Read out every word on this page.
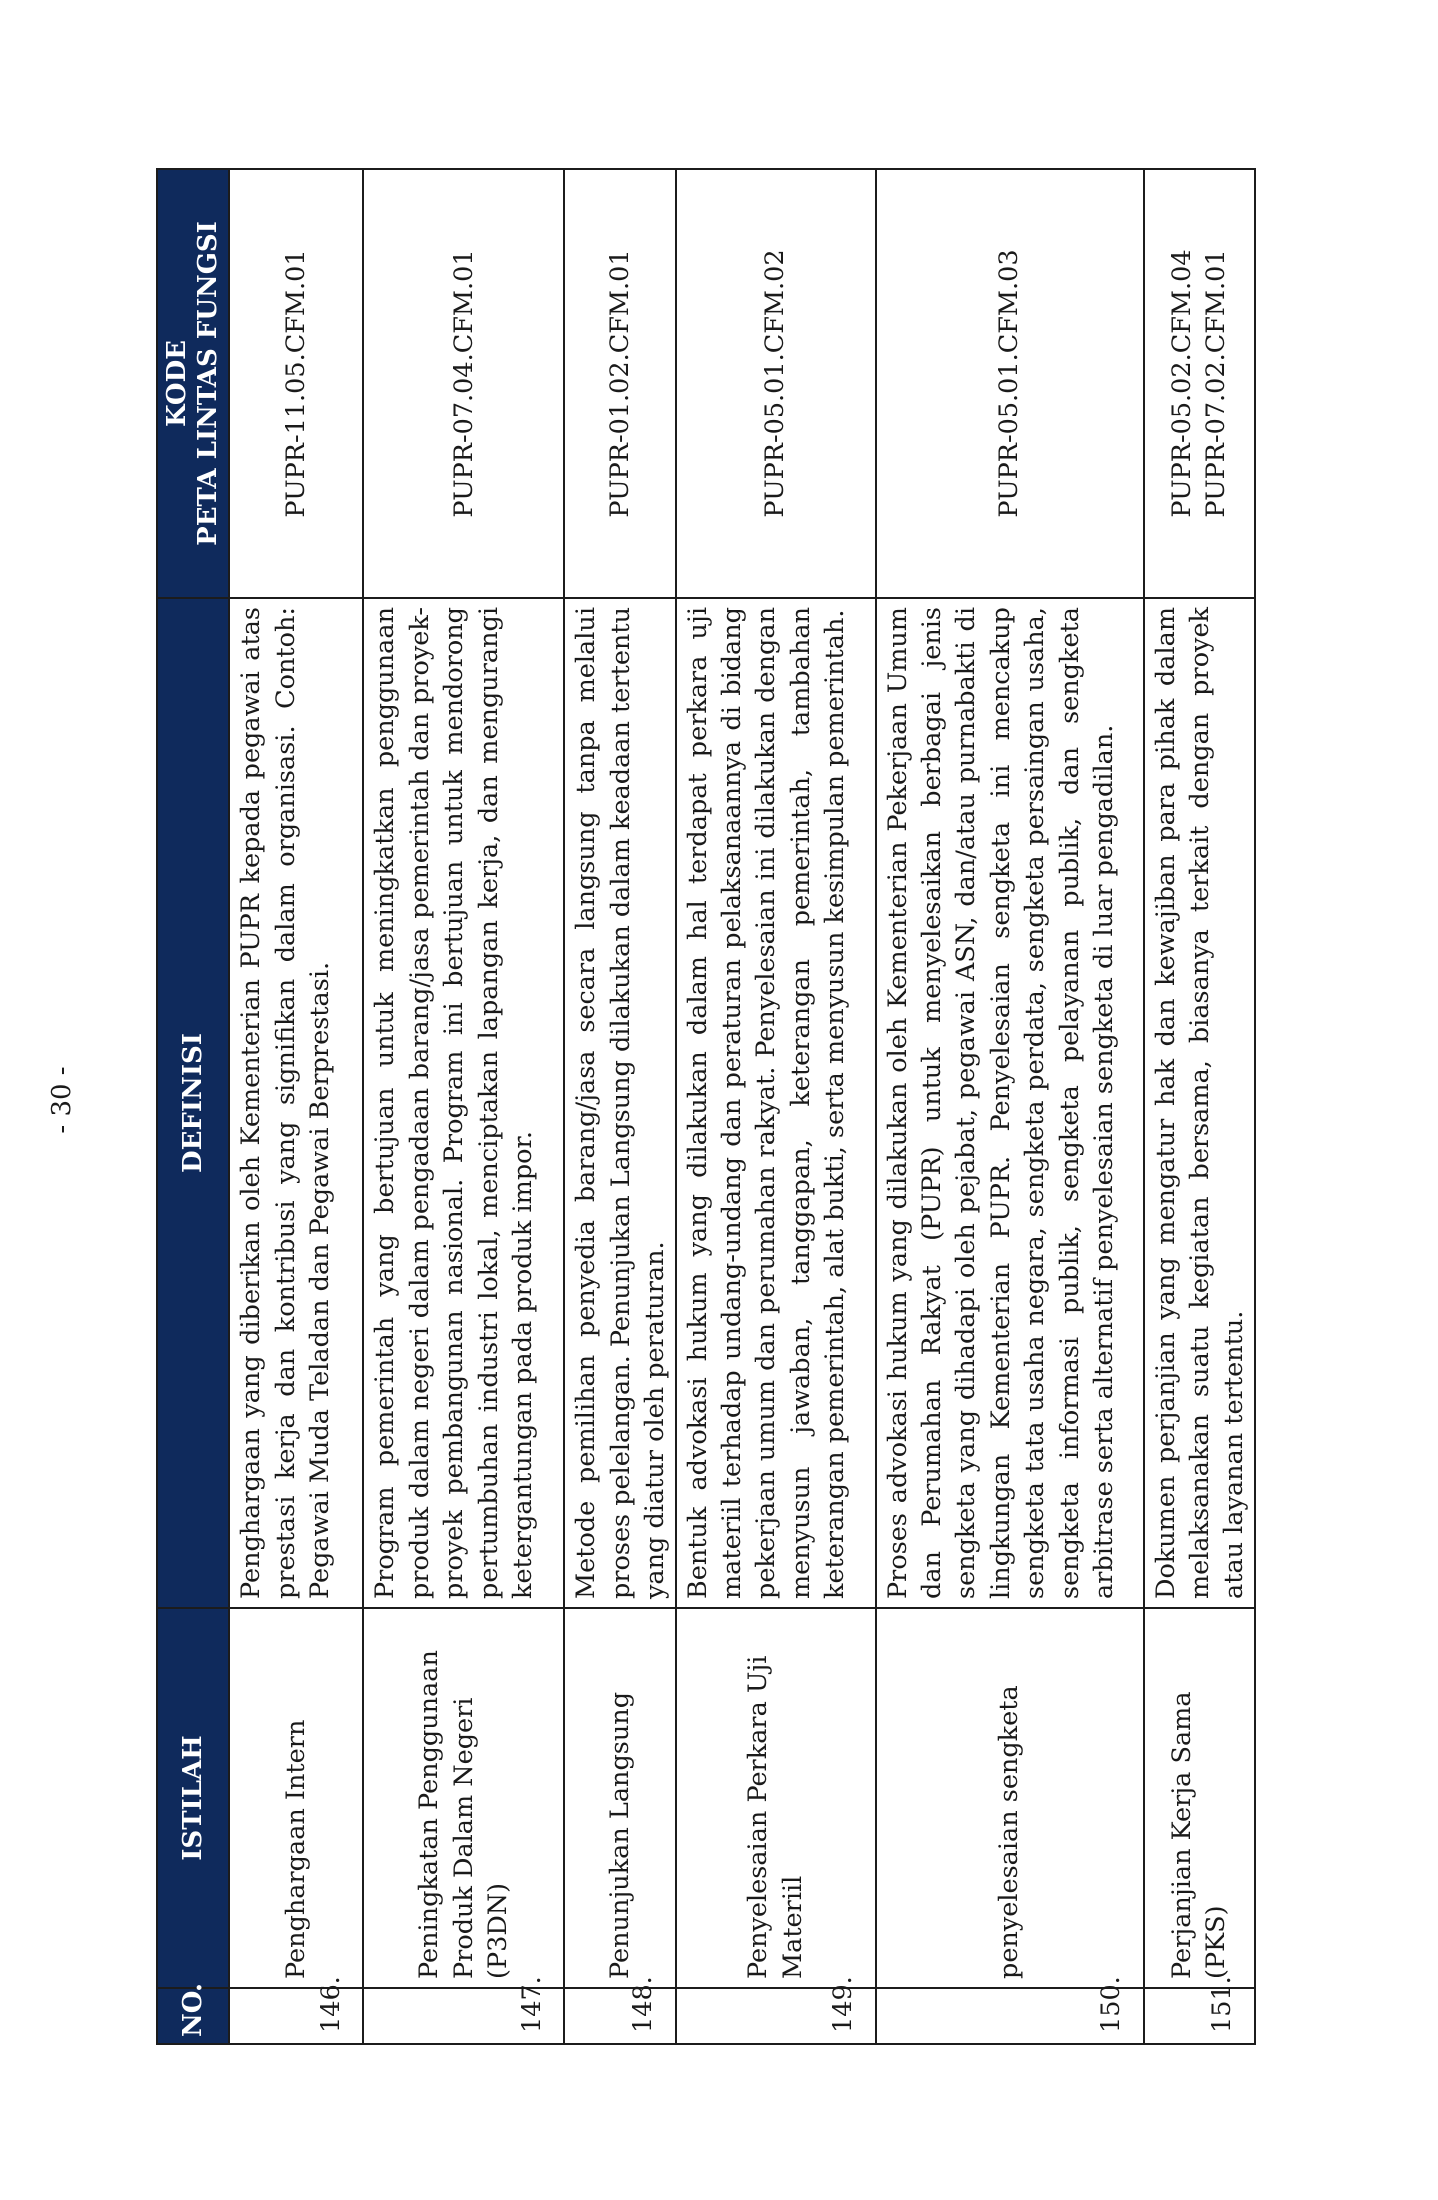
- 30 -
NO.	ISTILAH	DEFINISI	KODE PETA LINTAS FUNGSI

146.	Penghargaan Intern	Penghargaan yang diberikan oleh Kementerian PUPR kepada pegawai atas prestasi kerja dan kontribusi yang signifikan dalam organisasi. Contoh: Pegawai Muda Teladan dan Pegawai Berprestasi.	PUPR-11.05.CFM.01

147.	Peningkatan Penggunaan Produk Dalam Negeri (P3DN)	Program pemerintah yang bertujuan untuk meningkatkan penggunaan produk dalam negeri dalam pengadaan barang/jasa pemerintah dan proyek-proyek pembangunan nasional. Program ini bertujuan untuk mendorong pertumbuhan industri lokal, menciptakan lapangan kerja, dan mengurangi ketergantungan pada produk impor.	PUPR-07.04.CFM.01

148.	Penunjukan Langsung	Metode pemilihan penyedia barang/jasa secara langsung tanpa melalui proses pelelangan. Penunjukan Langsung dilakukan dalam keadaan tertentu yang diatur oleh peraturan.	PUPR-01.02.CFM.01

149.	Penyelesaian Perkara Uji Materiil	Bentuk advokasi hukum yang dilakukan dalam hal terdapat perkara uji materiil terhadap undang-undang dan peraturan pelaksanaannya di bidang pekerjaan umum dan perumahan rakyat. Penyelesaian ini dilakukan dengan menyusun jawaban, tanggapan, keterangan pemerintah, tambahan keterangan pemerintah, alat bukti, serta menyusun kesimpulan pemerintah.	PUPR-05.01.CFM.02

150.	penyelesaian sengketa	Proses advokasi hukum yang dilakukan oleh Kementerian Pekerjaan Umum dan Perumahan Rakyat (PUPR) untuk menyelesaikan berbagai jenis sengketa yang dihadapi oleh pejabat, pegawai ASN, dan/atau purnabakti di lingkungan Kementerian PUPR. Penyelesaian sengketa ini mencakup sengketa tata usaha negara, sengketa perdata, sengketa persaingan usaha, sengketa informasi publik, sengketa pelayanan publik, dan sengketa arbitrase serta alternatif penyelesaian sengketa di luar pengadilan.	PUPR-05.01.CFM.03

151.	Perjanjian Kerja Sama (PKS)	Dokumen perjanjian yang mengatur hak dan kewajiban para pihak dalam melaksanakan suatu kegiatan bersama, biasanya terkait dengan proyek atau layanan tertentu.	PUPR-05.02.CFM.04 PUPR-07.02.CFM.01
